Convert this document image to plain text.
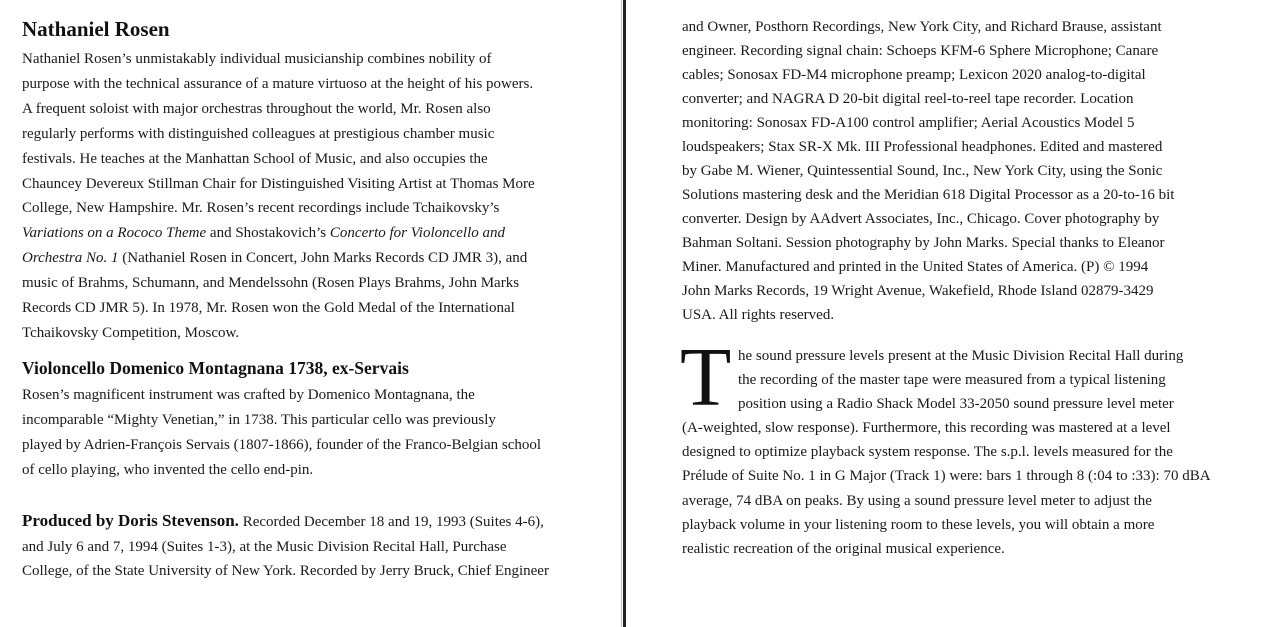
Nathaniel Rosen
Nathaniel Rosen’s unmistakably individual musicianship combines nobility of
purpose with the technical assurance of a mature virtuoso at the height of his powers.
A frequent soloist with major orchestras throughout the world, Mr. Rosen also
regularly performs with distinguished colleagues at prestigious chamber music
festivals. He teaches at the Manhattan School of Music, and also occupies the
Chauncey Devereux Stillman Chair for Distinguished Visiting Artist at Thomas More
College, New Hampshire. Mr. Rosen’s recent recordings include Tchaikovsky’s
Variations on a Rococo Theme and Shostakovich’s Concerto for Violoncello and
Orchestra No. 1 (Nathaniel Rosen in Concert, John Marks Records CD JMR 3), and
music of Brahms, Schumann, and Mendelssohn (Rosen Plays Brahms, John Marks
Records CD JMR 5). In 1978, Mr. Rosen won the Gold Medal of the International
Tchaikovsky Competition, Moscow.
Violoncello Domenico Montagnana 1738, ex-Servais
Rosen’s magnificent instrument was crafted by Domenico Montagnana, the
incomparable “Mighty Venetian,” in 1738. This particular cello was previously
played by Adrien-François Servais (1807-1866), founder of the Franco-Belgian school
of cello playing, who invented the cello end-pin.
Produced by Doris Stevenson. Recorded December 18 and 19, 1993 (Suites 4-6),
and July 6 and 7, 1994 (Suites 1-3), at the Music Division Recital Hall, Purchase
College, of the State University of New York. Recorded by Jerry Bruck, Chief Engineer
and Owner, Posthorn Recordings, New York City, and Richard Brause, assistant
engineer. Recording signal chain: Schoeps KFM-6 Sphere Microphone; Canare
cables; Sonosax FD-M4 microphone preamp; Lexicon 2020 analog-to-digital
converter; and NAGRA D 20-bit digital reel-to-reel tape recorder. Location
monitoring: Sonosax FD-A100 control amplifier; Aerial Acoustics Model 5
loudspeakers; Stax SR-X Mk. III Professional headphones. Edited and mastered
by Gabe M. Wiener, Quintessential Sound, Inc., New York City, using the Sonic
Solutions mastering desk and the Meridian 618 Digital Processor as a 20-to-16 bit
converter. Design by AAdvert Associates, Inc., Chicago. Cover photography by
Bahman Soltani. Session photography by John Marks. Special thanks to Eleanor
Miner. Manufactured and printed in the United States of America. (P) © 1994
John Marks Records, 19 Wright Avenue, Wakefield, Rhode Island 02879-3429
USA. All rights reserved.
T he sound pressure levels present at the Music Division Recital Hall during
the recording of the master tape were measured from a typical listening
position using a Radio Shack Model 33-2050 sound pressure level meter
(A-weighted, slow response). Furthermore, this recording was mastered at a level
designed to optimize playback system response. The s.p.l. levels measured for the
Prélude of Suite No. 1 in G Major (Track 1) were: bars 1 through 8 (:04 to :33): 70 dBA
average, 74 dBA on peaks. By using a sound pressure level meter to adjust the
playback volume in your listening room to these levels, you will obtain a more
realistic recreation of the original musical experience.
